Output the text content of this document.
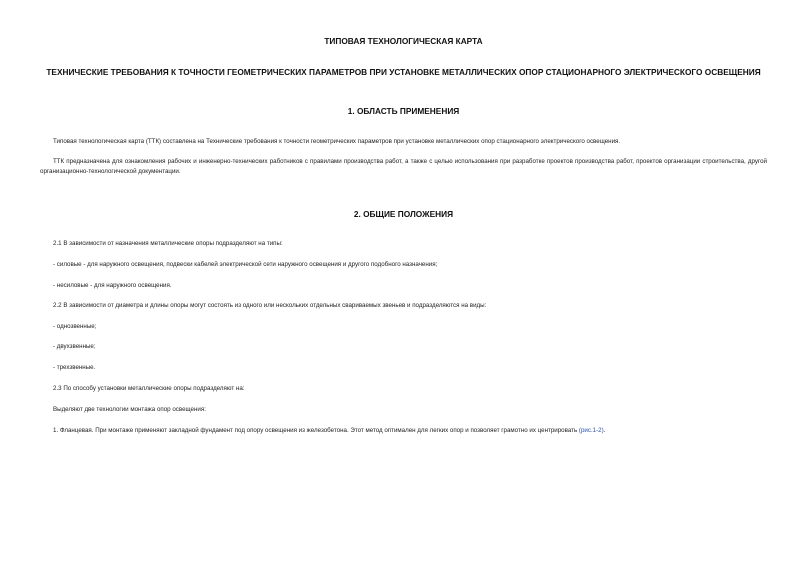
ТИПОВАЯ ТЕХНОЛОГИЧЕСКАЯ КАРТА
ТЕХНИЧЕСКИЕ ТРЕБОВАНИЯ К ТОЧНОСТИ ГЕОМЕТРИЧЕСКИХ ПАРАМЕТРОВ ПРИ УСТАНОВКЕ МЕТАЛЛИЧЕСКИХ ОПОР СТАЦИОНАРНОГО ЭЛЕКТРИЧЕСКОГО ОСВЕЩЕНИЯ
1. ОБЛАСТЬ ПРИМЕНЕНИЯ
Типовая технологическая карта (ТТК) составлена на Технические требования к точности геометрических параметров при установке металлических опор стационарного электрического освещения.
ТТК предназначена для ознакомления рабочих и инженерно-технических работников с правилами производства работ, а также с целью использования при разработке проектов производства работ, проектов организации строительства, другой организационно-технологической документации.
2. ОБЩИЕ ПОЛОЖЕНИЯ
2.1 В зависимости от назначения металлические опоры подразделяют на типы:
- силовые - для наружного освещения, подвески кабелей электрической сети наружного освещения и другого подобного назначения;
- несиловые - для наружного освещения.
2.2 В зависимости от диаметра и длины опоры могут состоять из одного или нескольких отдельных свариваемых звеньев и подразделяются на виды:
- однозвенные;
- двухзвенные;
- трехзвенные.
2.3 По способу установки металлические опоры подразделяют на:
Выделяют две технологии монтажа опор освещения:
1. Фланцевая. При монтаже применяют закладной фундамент под опору освещения из железобетона. Этот метод оптимален для легких опор и позволяет грамотно их центрировать (рис.1-2).
